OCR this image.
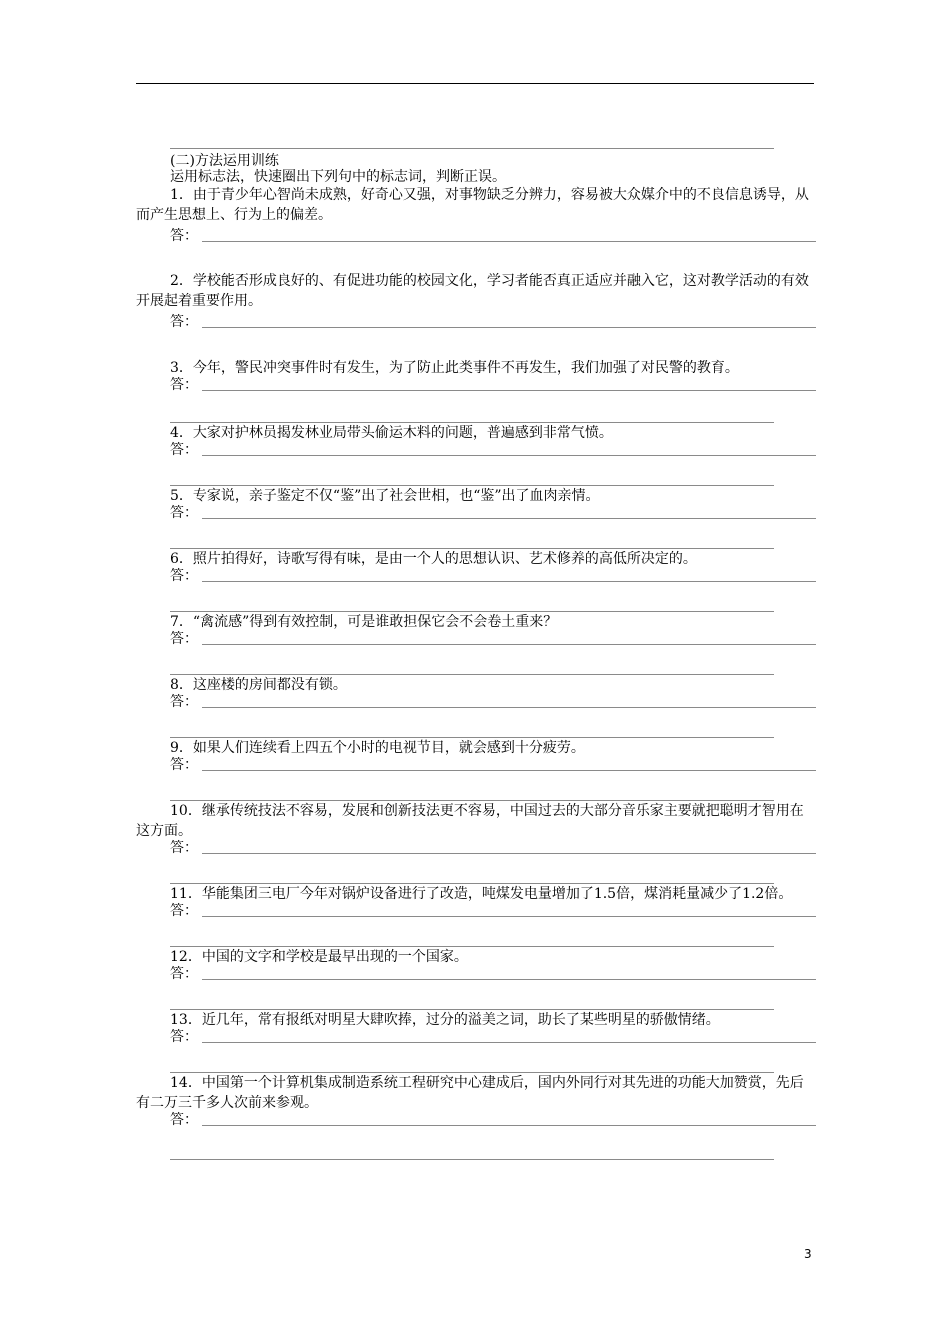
(二)方法运用训练
运用标志法，快速圈出下列句中的标志词，判断正误。

1．由于青少年心智尚未成熟，好奇心又强，对事物缺乏分辨力，容易被大众媒介中的不良信息诱导，从而产生思想上、行为上的偏差。

答：

2．学校能否形成良好的、有促进功能的校园文化，学习者能否真正适应并融入它，这对教学活动的有效开展起着重要作用。

答：

3．今年，警民冲突事件时有发生，为了防止此类事件不再发生，我们加强了对民警的教育。

答：

4．大家对护林员揭发林业局带头偷运木料的问题，普遍感到非常气愤。

答：

5．专家说，亲子鉴定不仅“鉴”出了社会世相，也“鉴”出了血肉亲情。

答：

6．照片拍得好，诗歌写得有味，是由一个人的思想认识、艺术修养的高低所决定的。

答：

7．“禽流感”得到有效控制，可是谁敢担保它会不会卷土重来？

答：

8．这座楼的房间都没有锁。

答：

9．如果人们连续看上四五个小时的电视节目，就会感到十分疲劳。

答：

10．继承传统技法不容易，发展和创新技法更不容易，中国过去的大部分音乐家主要就把聪明才智用在这方面。

答：

11．华能集团三电厂今年对锅炉设备进行了改造，吨煤发电量增加了1.5倍，煤消耗量减少了1.2倍。

答：

12．中国的文字和学校是最早出现的一个国家。

答：

13．近几年，常有报纸对明星大肆吹捧，过分的溢美之词，助长了某些明星的骄傲情绪。

答：

14．中国第一个计算机集成制造系统工程研究中心建成后，国内外同行对其先进的功能大加赞赏，先后有二万三千多人次前来参观。

答：
3
